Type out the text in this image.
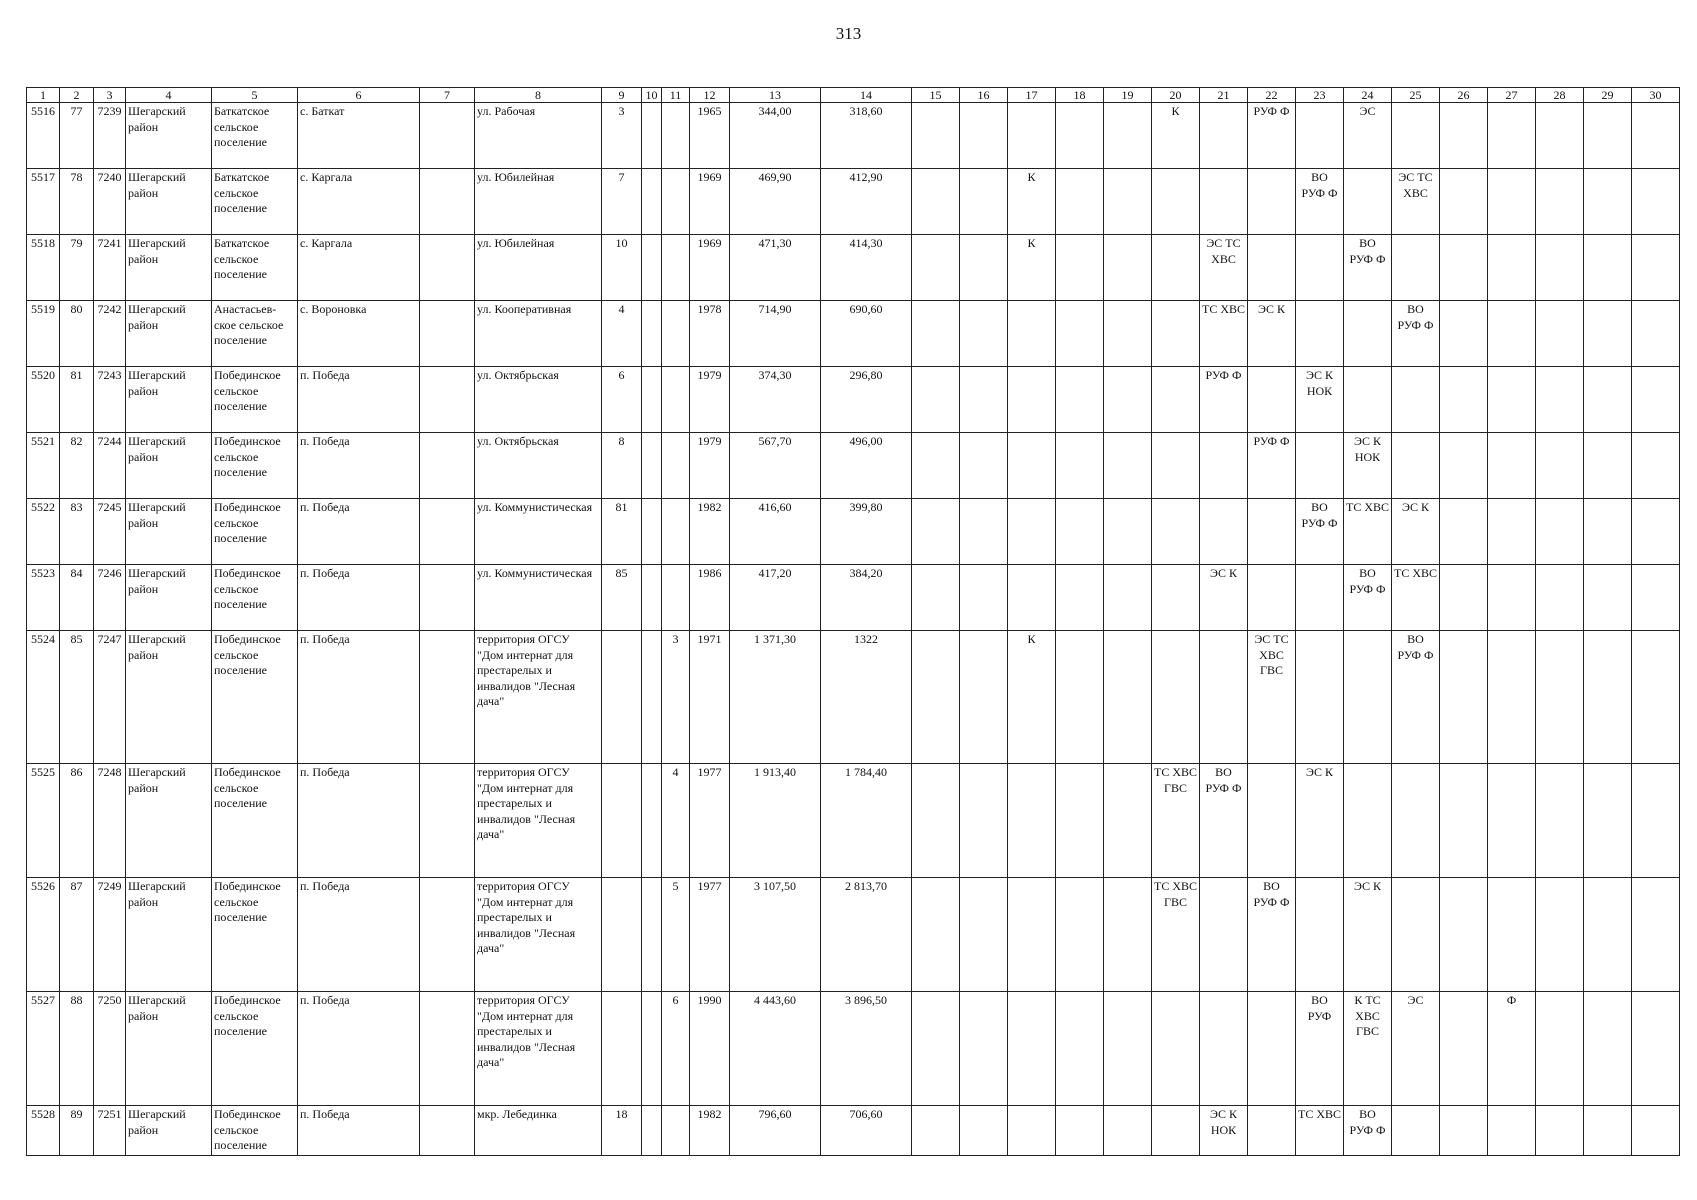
313
1	2	3	4	5	6	7	8	9	10	11	12	13	14	15	16	17	18	19	20	21	22	23	24	25	26	27	28	29	30
5516	77	7239	Шегарский район	Баткатское сельское поселение	с. Баткат		ул. Рабочая	3			1965	344,00	318,60						К		РУФ Ф		ЭС						
5517	78	7240	Шегарский район	Баткатское сельское поселение	с. Каргала		ул. Юбилейная	7			1969	469,90	412,90			К						ВО РУФ Ф		ЭС ТС ХВС					
5518	79	7241	Шегарский район	Баткатское сельское поселение	с. Каргала		ул. Юбилейная	10			1969	471,30	414,30			К				ЭС ТС ХВС			ВО РУФ Ф						
5519	80	7242	Шегарский район	Анастасьев-ское сельское поселение	с. Вороновка		ул. Кооперативная	4			1978	714,90	690,60							ТС ХВС	ЭС К			ВО РУФ Ф					
5520	81	7243	Шегарский район	Побединское сельское поселение	п. Победа		ул. Октябрьская	6			1979	374,30	296,80							РУФ Ф		ЭС К НОК							
5521	82	7244	Шегарский район	Побединское сельское поселение	п. Победа		ул. Октябрьская	8			1979	567,70	496,00								РУФ Ф		ЭС К НОК						
5522	83	7245	Шегарский район	Побединское сельское поселение	п. Победа		ул. Коммунистическая	81			1982	416,60	399,80									ВО РУФ Ф	ТС ХВС	ЭС К					
5523	84	7246	Шегарский район	Побединское сельское поселение	п. Победа		ул. Коммунистическая	85			1986	417,20	384,20							ЭС К			ВО РУФ Ф	ТС ХВС					
5524	85	7247	Шегарский район	Побединское сельское поселение	п. Победа		территория ОГСУ "Дом интернат для престарелых и инвалидов "Лесная дача"			3	1971	1 371,30	1322			К					ЭС ТС ХВС ГВС			ВО РУФ Ф					
5525	86	7248	Шегарский район	Побединское сельское поселение	п. Победа		территория ОГСУ "Дом интернат для престарелых и инвалидов "Лесная дача"			4	1977	1 913,40	1 784,40						ТС ХВС ГВС	ВО РУФ Ф		ЭС К							
5526	87	7249	Шегарский район	Побединское сельское поселение	п. Победа		территория ОГСУ "Дом интернат для престарелых и инвалидов "Лесная дача"			5	1977	3 107,50	2 813,70						ТС ХВС ГВС		ВО РУФ Ф		ЭС К						
5527	88	7250	Шегарский район	Побединское сельское поселение	п. Победа		территория ОГСУ "Дом интернат для престарелых и инвалидов "Лесная дача"			6	1990	4 443,60	3 896,50									ВО РУФ	К ТС ХВС ГВС	ЭС		Ф			
5528	89	7251	Шегарский район	Побединское сельское поселение	п. Победа		мкр. Лебединка	18			1982	796,60	706,60							ЭС К НОК		ТС ХВС	ВО РУФ Ф						
